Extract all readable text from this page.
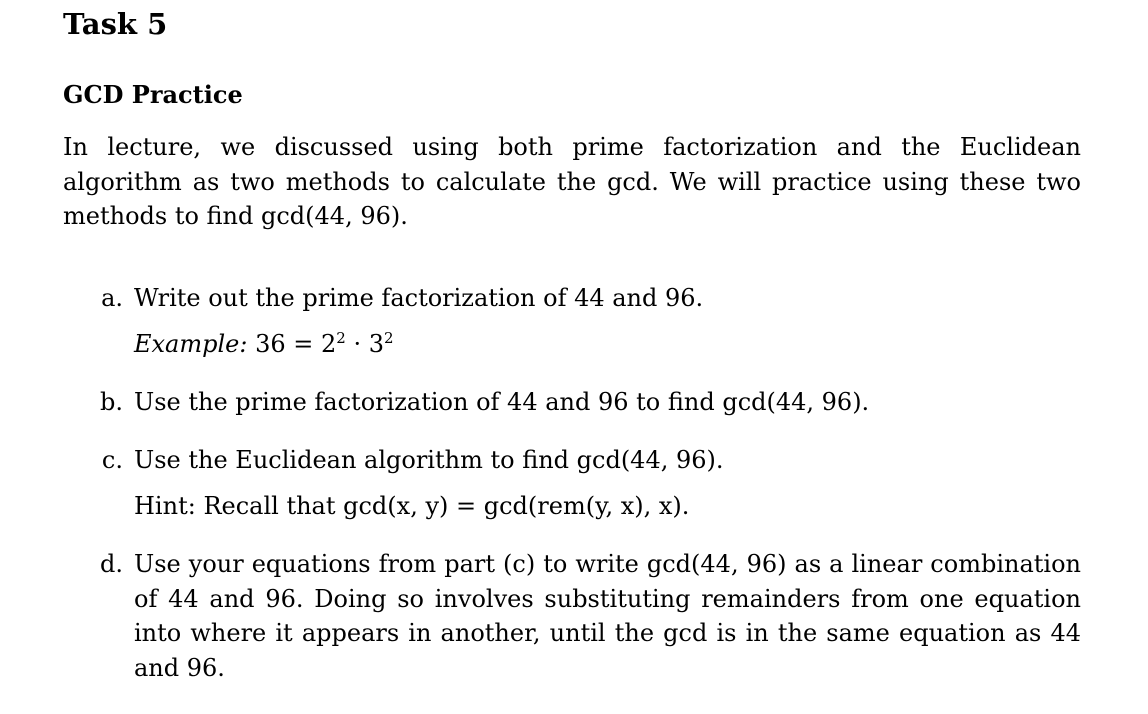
Task 5
GCD Practice
In lecture, we discussed using both prime factorization and the Euclidean algorithm as two methods to calculate the gcd. We will practice using these two methods to find gcd(44, 96).
a. Write out the prime factorization of 44 and 96.
Example: $36 = 2^2 \cdot 3^2$
b. Use the prime factorization of 44 and 96 to find gcd(44, 96).
c. Use the Euclidean algorithm to find gcd(44, 96).
Hint: Recall that gcd(x, y) = gcd(rem(y, x), x).
d. Use your equations from part (c) to write gcd(44, 96) as a linear combination of 44 and 96. Doing so involves substituting remainders from one equation into where it appears in another, until the gcd is in the same equation as 44 and 96.
